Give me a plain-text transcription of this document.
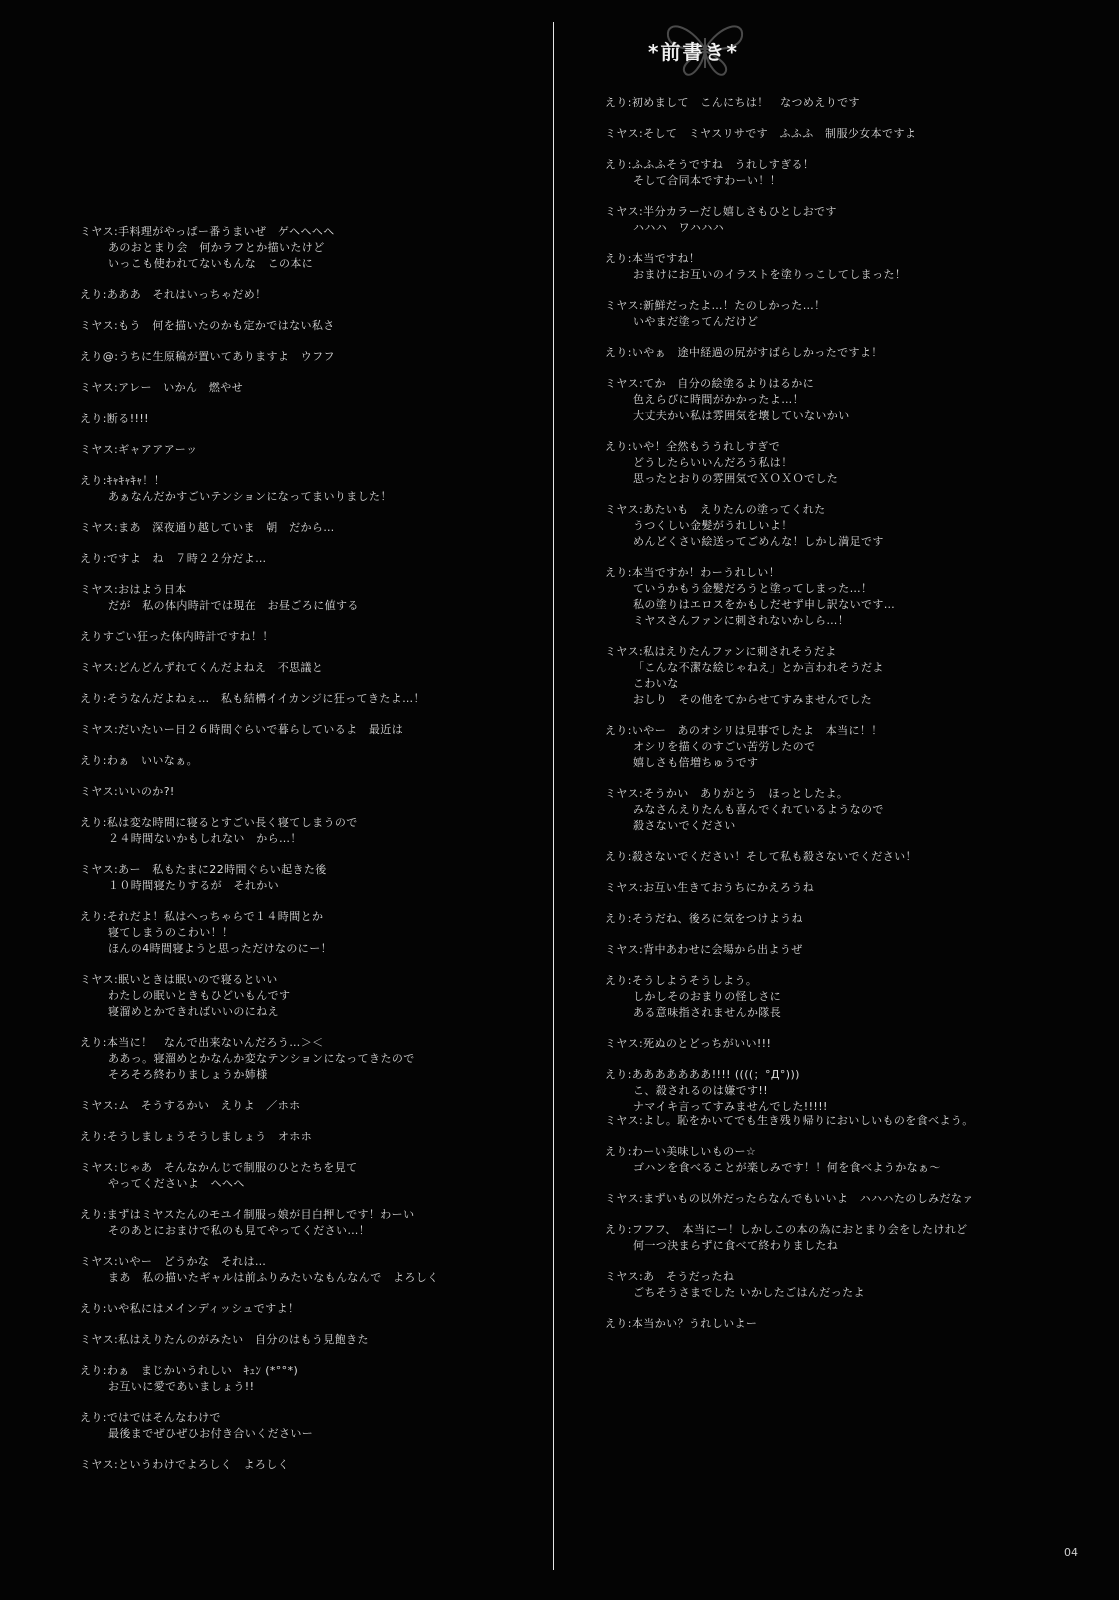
*前書き*
ミヤス:手料理がやっぱー番うまいぜ　ゲヘヘヘヘ
あのおとまり会　何かラフとか描いたけど
いっこも使われてないもんな　この本に
えり:あああ　それはいっちゃだめ！
ミヤス:もう　何を描いたのかも定かではない私さ
えり@:うちに生原稿が置いてありますよ　ウフフ
ミヤス:アレー　いかん　燃やせ
えり:断る!!!!
ミヤス:ギャアアアーッ
えり:ｷｬｷｬｷｬ！！
あぁなんだかすごいテンションになってまいりました！
ミヤス:まあ　深夜通り越していま　朝　だから…
えり:ですよ　ね　７時２２分だよ…
ミヤス:おはよう日本
だが　私の体内時計では現在　お昼ごろに値する
えりすごい狂った体内時計ですね！！
ミヤス:どんどんずれてくんだよねえ　不思議と
えり:そうなんだよねぇ…　私も結構イイカンジに狂ってきたよ…！
ミヤス:だいたいー日２６時間ぐらいで暮らしているよ　最近は
えり:わぁ　いいなぁ。
ミヤス:いいのか?!
えり:私は変な時間に寝るとすごい長く寝てしまうので
２４時間ないかもしれない　から…！
ミヤス:あー　私もたまに22時間ぐらい起きた後
１０時間寝たりするが　それかい
えり:それだよ！私はへっちゃらで１４時間とか
寝てしまうのこわい！！
ほんの4時間寝ようと思っただけなのにー！
ミヤス:眠いときは眠いので寝るといい
わたしの眠いときもひどいもんです
寝溜めとかできればいいのにねえ
えり:本当に！　なんで出来ないんだろう…＞＜
ああっ。寝溜めとかなんか変なテンションになってきたので
そろそろ終わりましょうか姉様
ミヤス:ム　そうするかい　えりよ　／ホホ
えり:そうしましょうそうしましょう　オホホ
ミヤス:じゃあ　そんなかんじで制服のひとたちを見て
やってくださいよ　ヘヘヘ
えり:まずはミヤスたんのモユイ制服っ娘が目白押しです！わーい
そのあとにおまけで私のも見てやってください…！
ミヤス:いやー　どうかな　それは…
まあ　私の描いたギャルは前ふりみたいなもんなんで　よろしく
えり:いや私にはメインディッシュですよ！
ミヤス:私はえりたんのがみたい　自分のはもう見飽きた
えり:わぁ　まじかいうれしい　ｷｭﾝ (*°°*)
お互いに愛であいましょう!!
えり:ではではそんなわけで
最後までぜひぜひお付き合いくださいー
ミヤス:というわけでよろしく　よろしく
えり:初めまして　こんにちは！　なつめえりです
ミヤス:そして　ミヤスリサです　ふふふ　制服少女本ですよ
えり:ふふふそうですね　うれしすぎる！
そして合同本ですわーい！！
ミヤス:半分カラーだし嬉しさもひとしおです
ハハハ　ワハハハ
えり:本当ですね！
おまけにお互いのイラストを塗りっこしてしまった！
ミヤス:新鮮だったよ…！たのしかった…！
いやまだ塗ってんだけど
えり:いやぁ　途中経過の尻がすばらしかったですよ！
ミヤス:てか　自分の絵塗るよりはるかに
色えらびに時間がかかったよ…！
大丈夫かい私は雰囲気を壊していないかい
えり:いや！全然もううれしすぎで
どうしたらいいんだろう私は！
思ったとおりの雰囲気でＸＯＸＯでした
ミヤス:あたいも　えりたんの塗ってくれた
うつくしい金髪がうれしいよ！
めんどくさい絵送ってごめんな！しかし満足です
えり:本当ですか！わーうれしい！
ていうかもう金髪だろうと塗ってしまった…！
私の塗りはエロスをかもしだせず申し訳ないです…
ミヤスさんファンに刺されないかしら…！
ミヤス:私はえりたんファンに刺されそうだよ
「こんな不潔な絵じゃねえ」とか言われそうだよ
こわいな
おしり　その他をてからせてすみませんでした
えり:いやー　あのオシリは見事でしたよ　本当に！！
オシリを描くのすごい苦労したので
嬉しさも倍増ちゅうです
ミヤス:そうかい　ありがとう　ほっとしたよ。
みなさんえりたんも喜んでくれているようなので
殺さないでください
えり:殺さないでください！そして私も殺さないでください！
ミヤス:お互い生きておうちにかえろうね
えり:そうだね、後ろに気をつけようね
ミヤス:背中あわせに会場から出ようぜ
えり:そうしようそうしよう。
しかしそのおまりの怪しさに
ある意味指されませんか隊長
ミヤス:死ぬのとどっちがいい!!!
えり:あああああああ!!!! ((((；°Д°)))
こ、殺されるのは嫌です!!
ナマイキ言ってすみませんでした!!!!!
ミヤス:よし。恥をかいてでも生き残り帰りにおいしいものを食べよう。
えり:わーい美味しいものー☆
ゴハンを食べることが楽しみです！！何を食べようかなぁ〜
ミヤス:まずいもの以外だったらなんでもいいよ　ハハハたのしみだなァ
えり:フフフ、　本当にー！しかしこの本の為におとまり会をしたけれど
何一つ決まらずに食べて終わりましたね
ミヤス:あ　そうだったね
ごちそうさまでした いかしたごはんだったよ
えり:本当かい？うれしいよー
04
